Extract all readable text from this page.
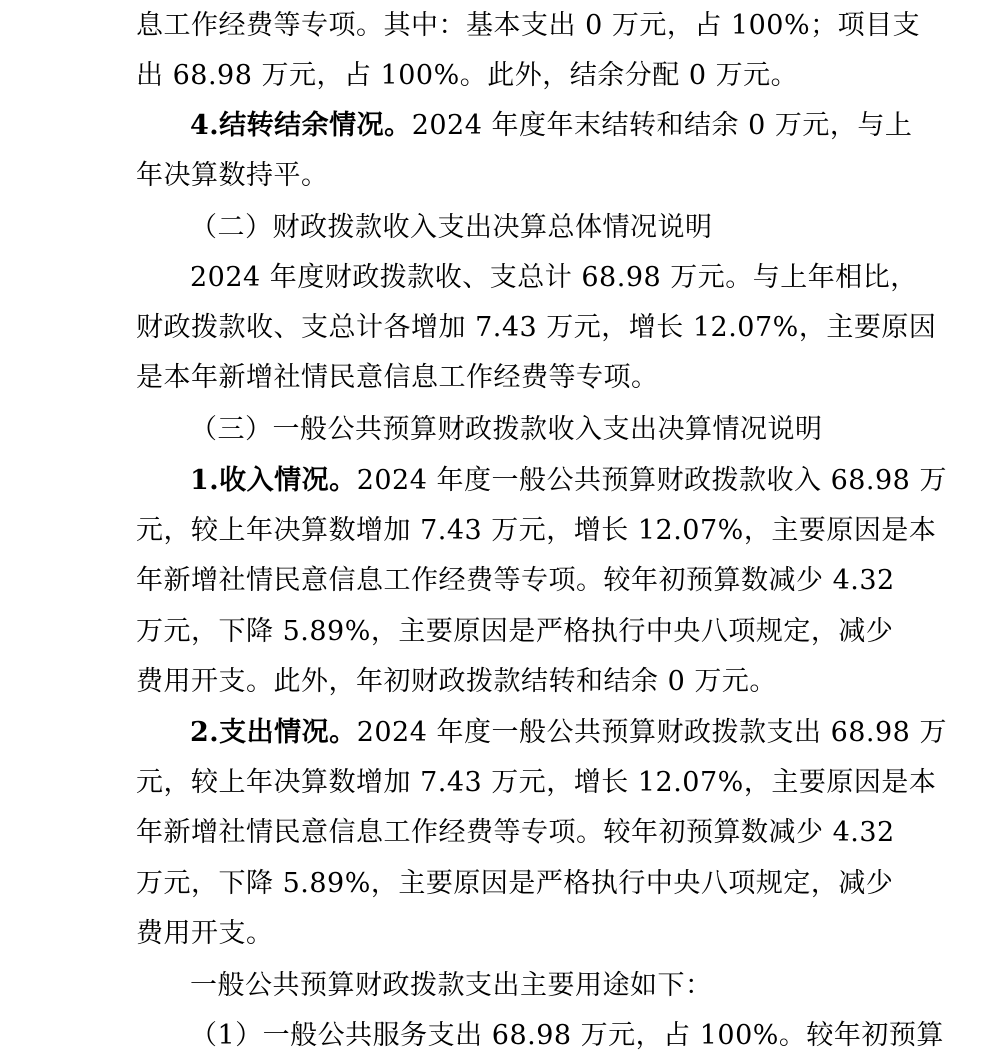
息工作经费等专项。其中：基本支出 0 万元，占 100%；项目支
出 68.98 万元，占 100%。此外，结余分配 0 万元。
4.结转结余情况。2024 年度年末结转和结余 0 万元，与上
年决算数持平。
（二）财政拨款收入支出决算总体情况说明
2024 年度财政拨款收、支总计 68.98 万元。与上年相比，
财政拨款收、支总计各增加 7.43 万元，增长 12.07%，主要原因
是本年新增社情民意信息工作经费等专项。
（三）一般公共预算财政拨款收入支出决算情况说明
1.收入情况。2024 年度一般公共预算财政拨款收入 68.98 万
元，较上年决算数增加 7.43 万元，增长 12.07%，主要原因是本
年新增社情民意信息工作经费等专项。较年初预算数减少 4.32
万元，下降 5.89%，主要原因是严格执行中央八项规定，减少
费用开支。此外，年初财政拨款结转和结余 0 万元。
2.支出情况。2024 年度一般公共预算财政拨款支出 68.98 万
元，较上年决算数增加 7.43 万元，增长 12.07%，主要原因是本
年新增社情民意信息工作经费等专项。较年初预算数减少 4.32
万元，下降 5.89%，主要原因是严格执行中央八项规定，减少
费用开支。
一般公共预算财政拨款支出主要用途如下：
（1）一般公共服务支出 68.98 万元，占 100%。较年初预算
